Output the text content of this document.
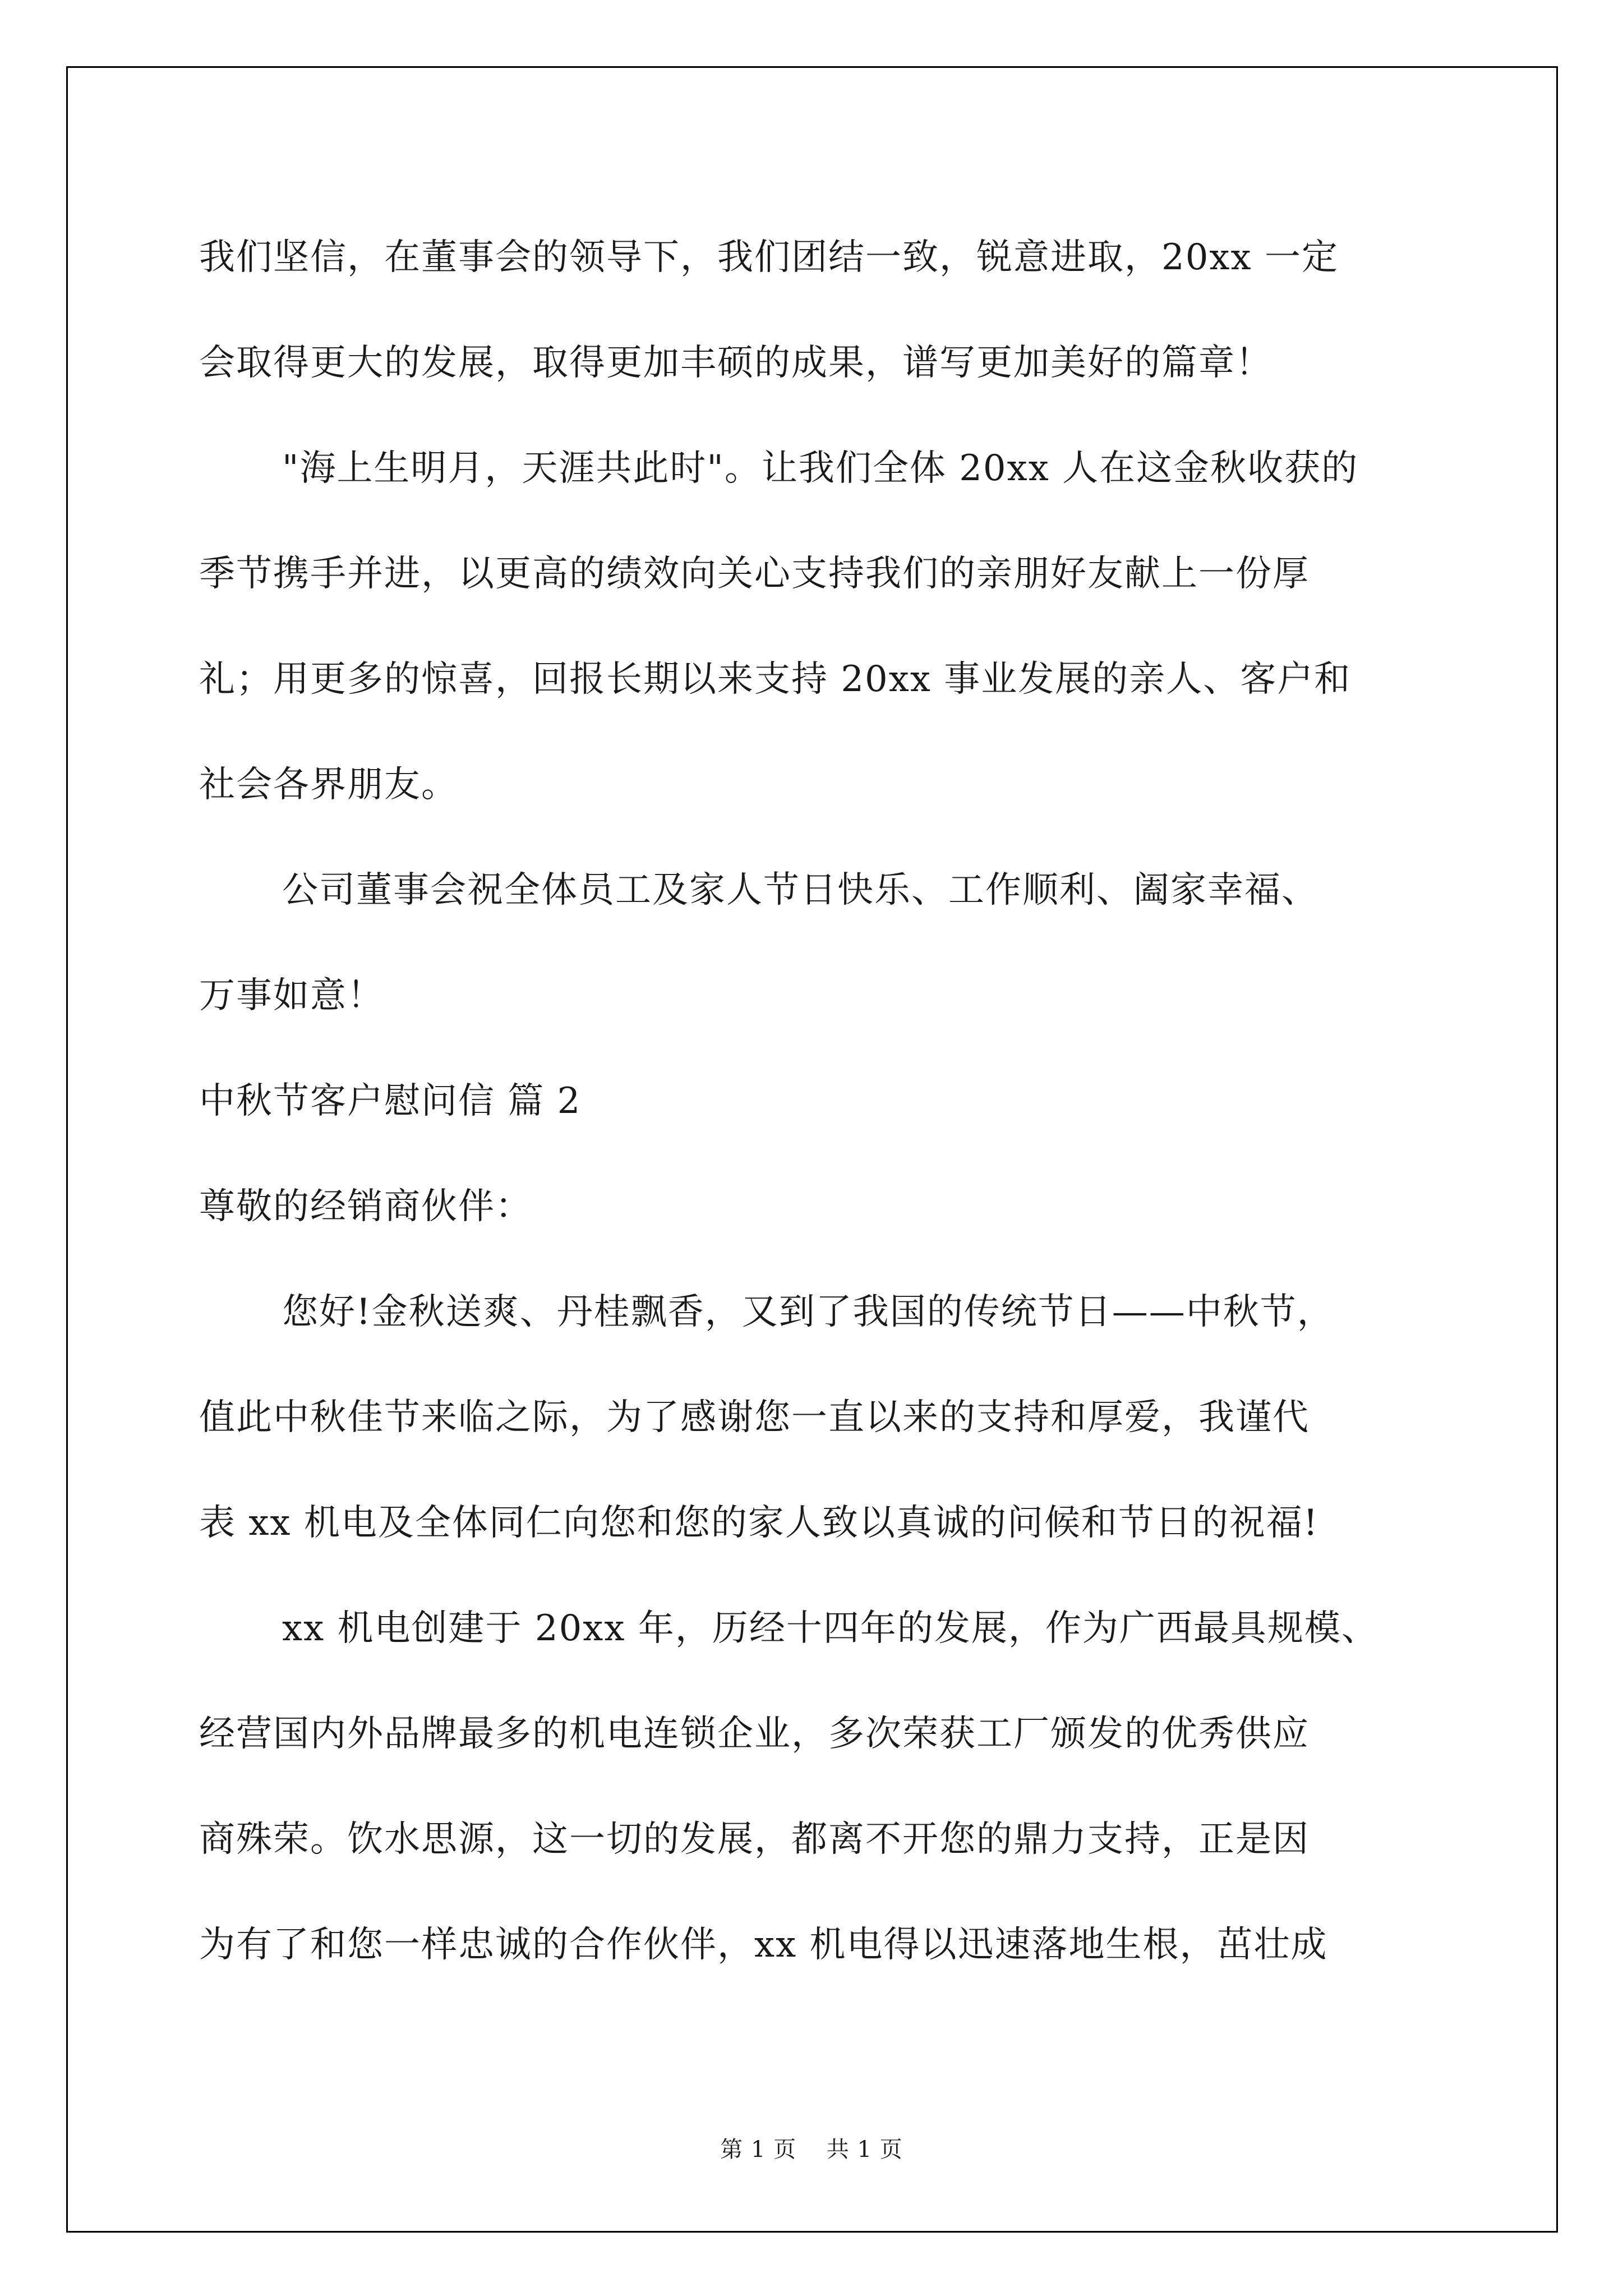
我们坚信，在董事会的领导下，我们团结一致，锐意进取，20xx 一定
会取得更大的发展，取得更加丰硕的成果，谱写更加美好的篇章！
"海上生明月，天涯共此时"。让我们全体 20xx 人在这金秋收获的
季节携手并进，以更高的绩效向关心支持我们的亲朋好友献上一份厚
礼；用更多的惊喜，回报长期以来支持 20xx 事业发展的亲人、客户和
社会各界朋友。
公司董事会祝全体员工及家人节日快乐、工作顺利、阖家幸福、
万事如意！
中秋节客户慰问信 篇 2
尊敬的经销商伙伴：
您好!金秋送爽、丹桂飘香，又到了我国的传统节日——中秋节，
值此中秋佳节来临之际，为了感谢您一直以来的支持和厚爱，我谨代
表 xx 机电及全体同仁向您和您的家人致以真诚的问候和节日的祝福!
xx 机电创建于 20xx 年，历经十四年的发展，作为广西最具规模、
经营国内外品牌最多的机电连锁企业，多次荣获工厂颁发的优秀供应
商殊荣。饮水思源，这一切的发展，都离不开您的鼎力支持，正是因
为有了和您一样忠诚的合作伙伴，xx 机电得以迅速落地生根，茁壮成
第 1 页 共 1 页
